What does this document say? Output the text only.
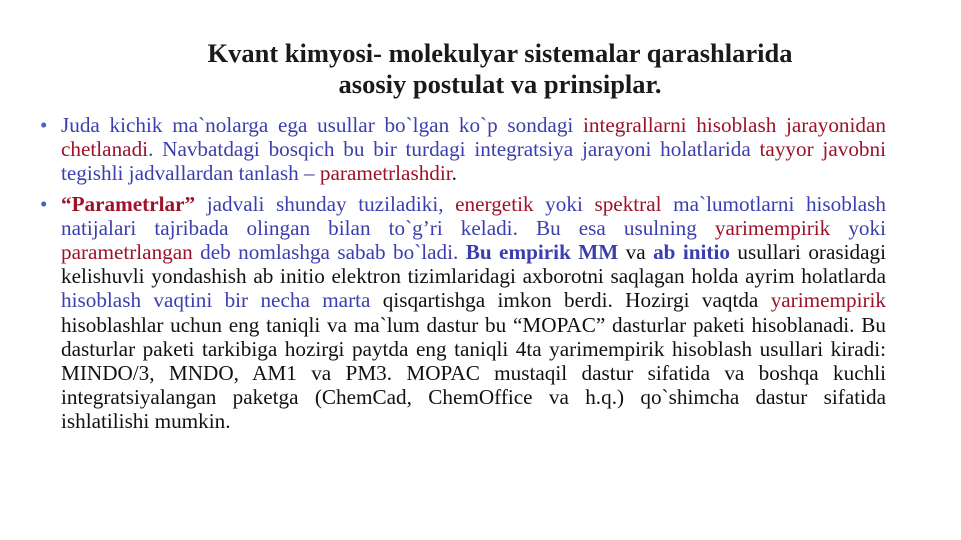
Kvant kimyosi- molekulyar sistemalar qarashlarida
asosiy postulat va prinsiplar.
• Juda kichik ma`nolarga ega usullar bo`lgan ko`p sondagi integrallarni hisoblash jarayonidan chetlanadi. Navbatdagi bosqich bu bir turdagi integratsiya jarayoni holatlarida tayyor javobni tegishli jadvallardan tanlash – parametrlashdir.
• “Parametrlar” jadvali shunday tuziladiki, energetik yoki spektral ma`lumotlarni hisoblash natijalari tajribada olingan bilan to`g’ri keladi. Bu esa usulning yarimempirik yoki parametrlangan deb nomlashga sabab bo`ladi. Bu empirik MM va ab initio usullari orasidagi kelishuvli yondashish ab initio elektron tizimlaridagi axborotni saqlagan holda ayrim holatlarda hisoblash vaqtini bir necha marta qisqartishga imkon berdi. Hozirgi vaqtda yarimempirik hisoblashlar uchun eng taniqli va ma`lum dastur bu “MOPAC” dasturlar paketi hisoblanadi. Bu dasturlar paketi tarkibiga hozirgi paytda eng taniqli 4ta yarimempirik hisoblash usullari kiradi: MINDO/3, MNDO, AM1 va PM3. MOPAC mustaqil dastur sifatida va boshqa kuchli integratsiyalangan paketga (ChemCad, ChemOffice va h.q.) qo`shimcha dastur sifatida ishlatilishi mumkin.
